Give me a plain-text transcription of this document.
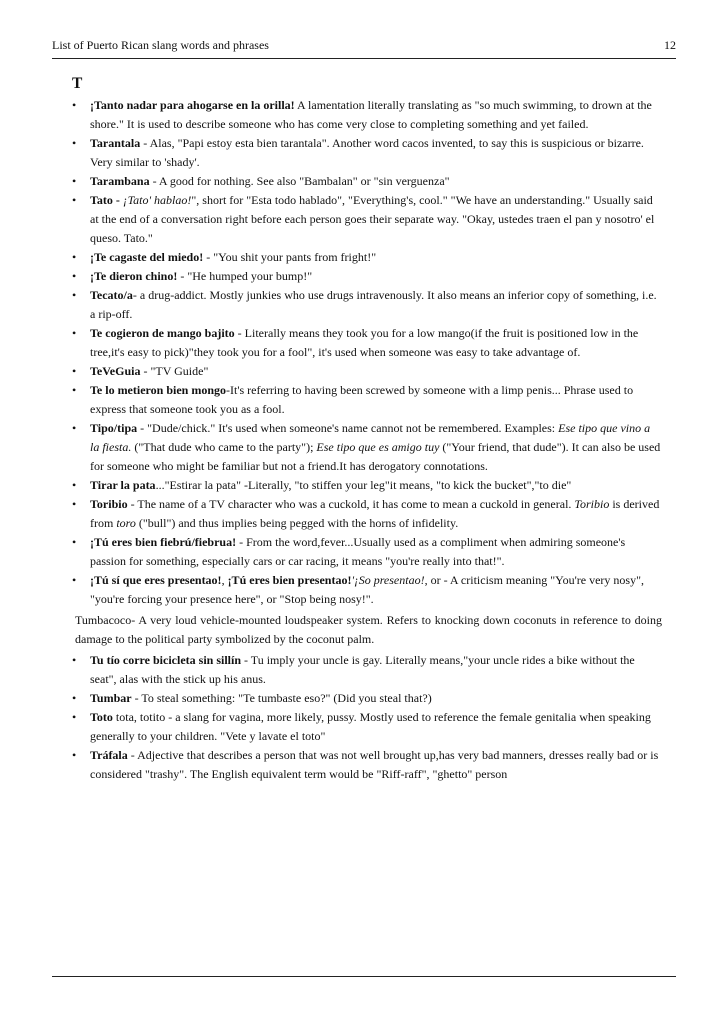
List of Puerto Rican slang words and phrases	12
T
• ¡Tanto nadar para ahogarse en la orilla! A lamentation literally translating as "so much swimming, to drown at the shore." It is used to describe someone who has come very close to completing something and yet failed.
• Tarantala - Alas, "Papi estoy esta bien tarantala". Another word cacos invented, to say this is suspicious or bizarre. Very similar to 'shady'.
• Tarambana - A good for nothing. See also "Bambalan" or "sin verguenza"
• Tato - ¡Tato' hablao!", short for "Esta todo hablado", "Everything's, cool." "We have an understanding." Usually said at the end of a conversation right before each person goes their separate way. "Okay, ustedes traen el pan y nosotro' el queso. Tato."
• ¡Te cagaste del miedo! - "You shit your pants from fright!"
• ¡Te dieron chino! - "He humped your bump!"
• Tecato/a- a drug-addict. Mostly junkies who use drugs intravenously. It also means an inferior copy of something, i.e. a rip-off.
• Te cogieron de mango bajito - Literally means they took you for a low mango(if the fruit is positioned low in the tree,it's easy to pick)"they took you for a fool", it's used when someone was easy to take advantage of.
• TeVeGuia - "TV Guide"
• Te lo metieron bien mongo-It's referring to having been screwed by someone with a limp penis... Phrase used to express that someone took you as a fool.
• Tipo/tipa - "Dude/chick." It's used when someone's name cannot not be remembered. Examples: Ese tipo que vino a la fiesta. ("That dude who came to the party"); Ese tipo que es amigo tuy ("Your friend, that dude"). It can also be used for someone who might be familiar but not a friend.It has derogatory connotations.
• Tirar la pata..."Estirar la pata" -Literally, "to stiffen your leg"it means, "to kick the bucket","to die"
• Toribio - The name of a TV character who was a cuckold, it has come to mean a cuckold in general. Toribio is derived from toro ("bull") and thus implies being pegged with the horns of infidelity.
• ¡Tú eres bien fiebrú/fiebrua! - From the word,fever...Usually used as a compliment when admiring someone's passion for something, especially cars or car racing, it means "you're really into that!".
• ¡Tú sí que eres presentao!, ¡Tú eres bien presentao!'¡So presentao!, or - A criticism meaning "You're very nosy", "you're forcing your presence here", or "Stop being nosy!".

Tumbacoco- A very loud vehicle-mounted loudspeaker system. Refers to knocking down coconuts in reference to doing damage to the political party symbolized by the coconut palm.

• Tu tío corre bicicleta sin sillín - Tu imply your uncle is gay. Literally means,"your uncle rides a bike without the seat", alas with the stick up his anus.
• Tumbar - To steal something: "Te tumbaste eso?" (Did you steal that?)
• Toto tota, totito - a slang for vagina, more likely, pussy. Mostly used to reference the female genitalia when speaking generally to your children. "Vete y lavate el toto"
• Tráfala - Adjective that describes a person that was not well brought up,has very bad manners, dresses really bad or is considered "trashy". The English equivalent term would be "Riff-raff", "ghetto" person
